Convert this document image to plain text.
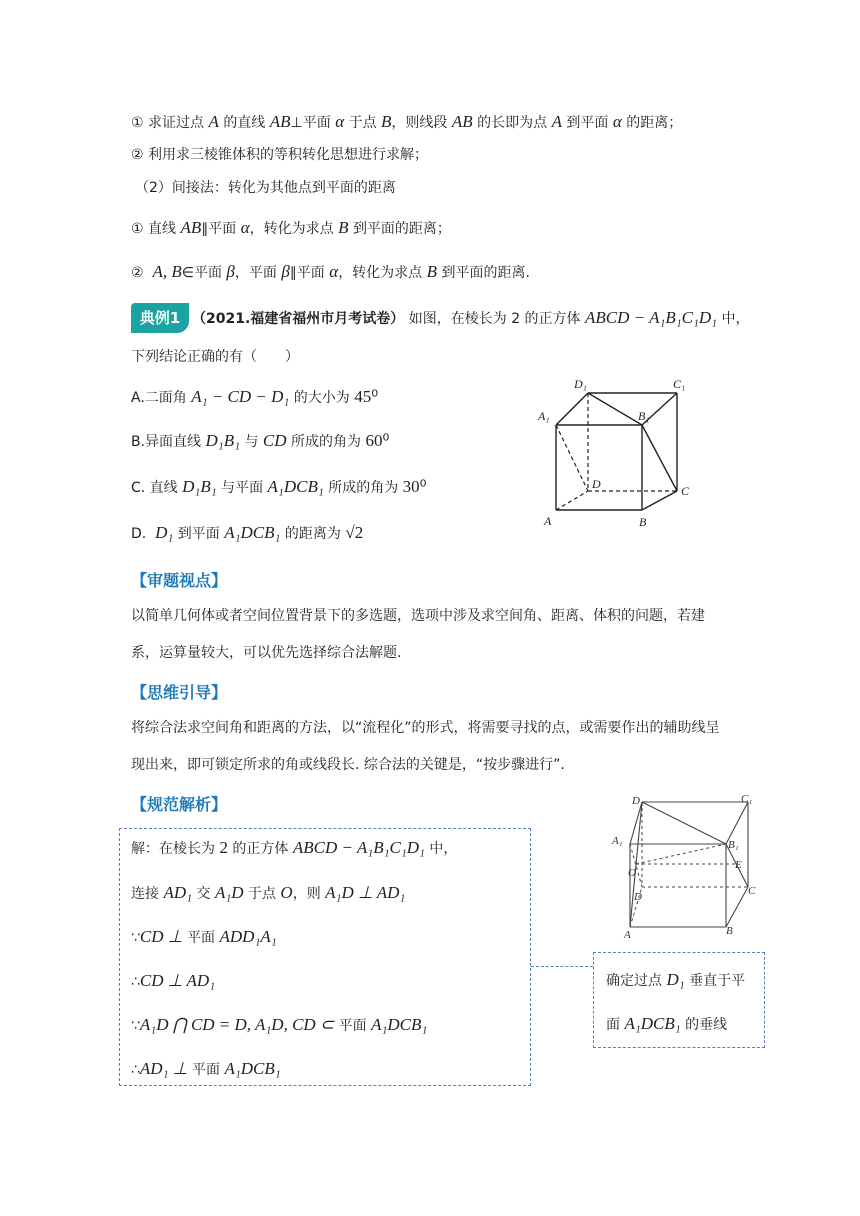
① 求证过点 A 的直线 AB⊥平面 α 于点 B，则线段 AB 的长即为点 A 到平面 α 的距离；
② 利用求三棱锥体积的等积转化思想进行求解；
（2）间接法：转化为其他点到平面的距离
① 直线 AB∥平面 α，转化为求点 B 到平面的距离；
② A, B∈平面 β，平面 β∥平面 α，转化为求点 B 到平面的距离.
典例1 （2021.福建省福州市月考试卷） 如图，在棱长为 2 的正方体 ABCD − A₁B₁C₁D₁ 中，
下列结论正确的有（　　）
A.二面角 A₁ − CD − D₁ 的大小为 45⁰
B.异面直线 D₁B₁ 与 CD 所成的角为 60⁰
C. 直线 D₁B₁ 与平面 A₁DCB₁ 所成的角为 30⁰
D. D₁ 到平面 A₁DCB₁ 的距离为 √2
D₁	C₁
A₁	B₁
D	C
A	B
【审题视点】
以简单几何体或者空间位置背景下的多选题，选项中涉及求空间角、距离、体积的问题，若建系，运算量较大，可以优先选择综合法解题.
【思维引导】
将综合法求空间角和距离的方法，以“流程化”的形式，将需要寻找的点，或需要作出的辅助线呈现出来，即可锁定所求的角或线段长. 综合法的关键是，“按步骤进行”.
【规范解析】	D₁	C₁
A₁	B₁
O
E
D	C
A	B
解：在棱长为 2 的正方体 ABCD − A₁B₁C₁D₁ 中，
连接 AD₁ 交 A₁D 于点 O，则 A₁D ⊥ AD₁
∵CD ⊥ 平面 ADD₁A₁
∴CD ⊥ AD₁
∵A₁D ⋂ CD = D, A₁D, CD ⊂ 平面 A₁DCB₁
∴AD₁ ⊥ 平面 A₁DCB₁
确定过点 D₁ 垂直于平
面 A₁DCB₁ 的垂线
